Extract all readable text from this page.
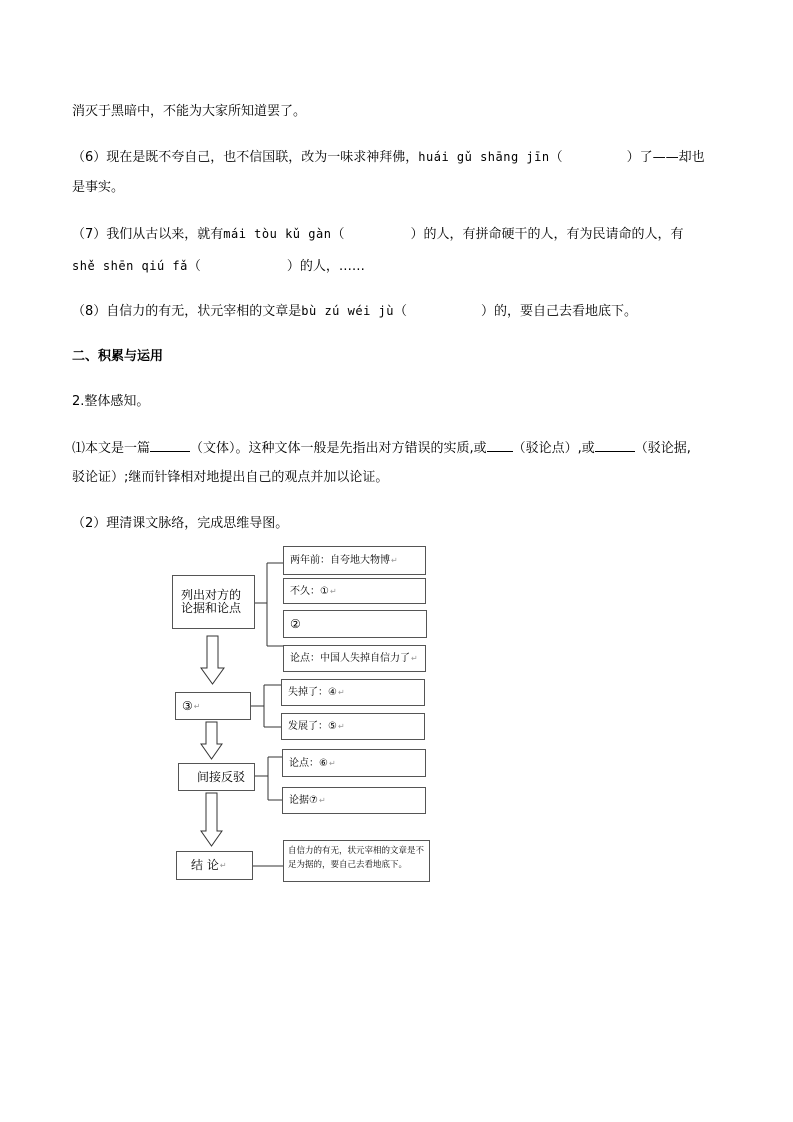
消灭于黑暗中，不能为大家所知道罢了。
（6）现在是既不夸自己，也不信国联，改为一味求神拜佛，huái gǔ shāng jīn（	）了——却也
是事实。
（7）我们从古以来，就有mái tòu kǔ gàn（	）的人，有拼命硬干的人，有为民请命的人，有
shě shēn qiú fǎ（	）的人，……
（8）自信力的有无，状元宰相的文章是bù zú wéi jù（	）的，要自己去看地底下。
二、积累与运用
2.整体感知。
⑴本文是一篇	（文体）。这种文体一般是先指出对方错误的实质,或 （驳论点）,或	（驳论据,
驳论证）;继而针锋相对地提出自己的观点并加以论证。
（2）理清课文脉络，完成思维导图。
列出对方的
论据和论点
③ ↵
间接反驳
结 论 ↵
两年前：自夸地大物博 ↵
不久：① ↵
②
论点：中国人失掉自信力了 ↵
失掉了：④ ↵
发展了：⑤ ↵
论点：⑥ ↵
论据⑦ ↵
自信力的有无，状元宰相的文章是不足为据的，要自己去看地底下。
